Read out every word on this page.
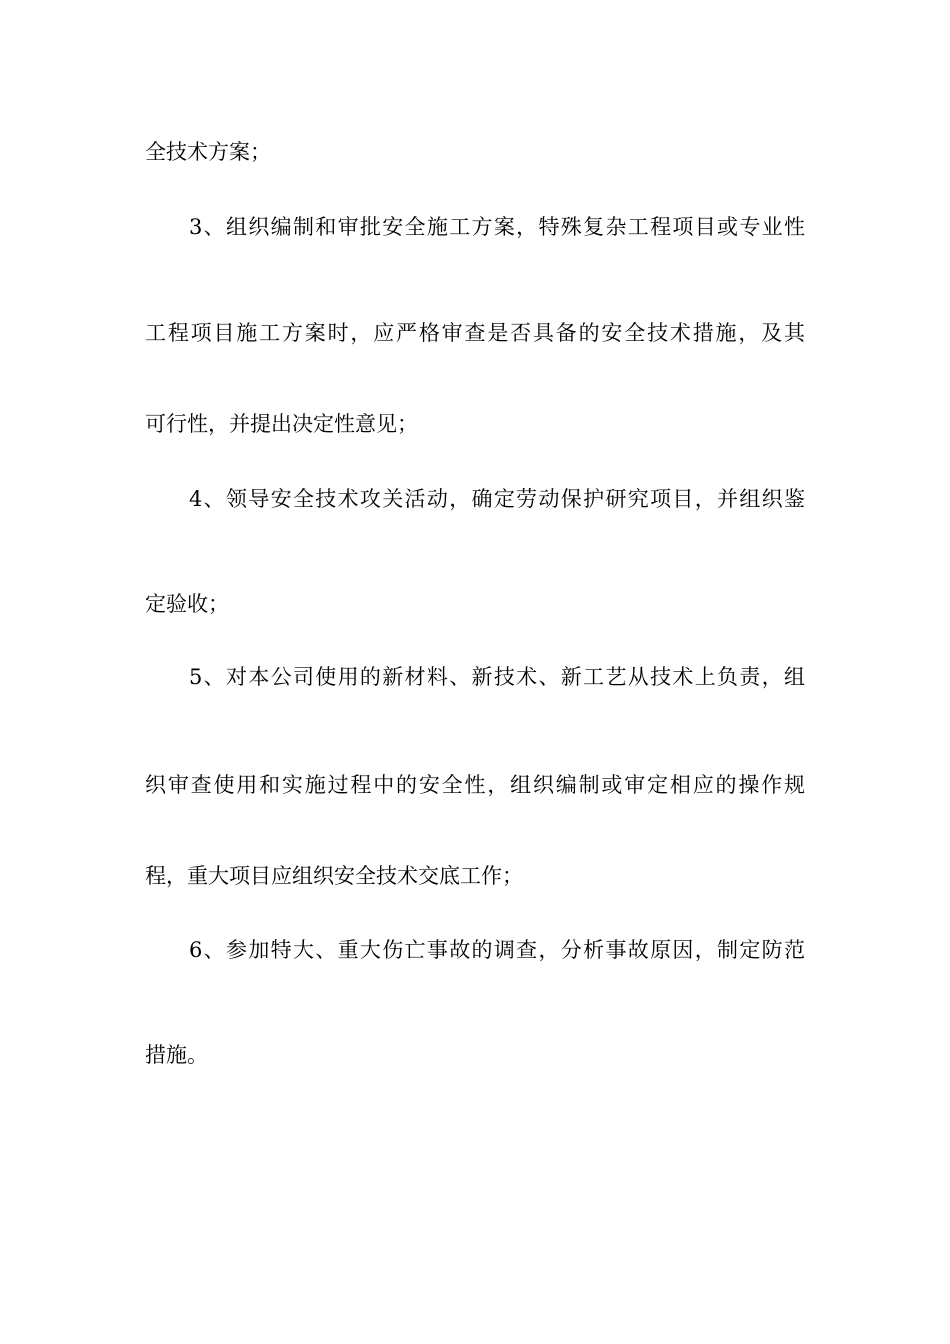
全技术方案；
3、组织编制和审批安全施工方案，特殊复杂工程项目或专业性
工程项目施工方案时，应严格审查是否具备的安全技术措施，及其
可行性，并提出决定性意见；
4、领导安全技术攻关活动，确定劳动保护研究项目，并组织鉴
定验收；
5、对本公司使用的新材料、新技术、新工艺从技术上负责，组
织审查使用和实施过程中的安全性，组织编制或审定相应的操作规
程，重大项目应组织安全技术交底工作；
6、参加特大、重大伤亡事故的调查，分析事故原因，制定防范
措施。
